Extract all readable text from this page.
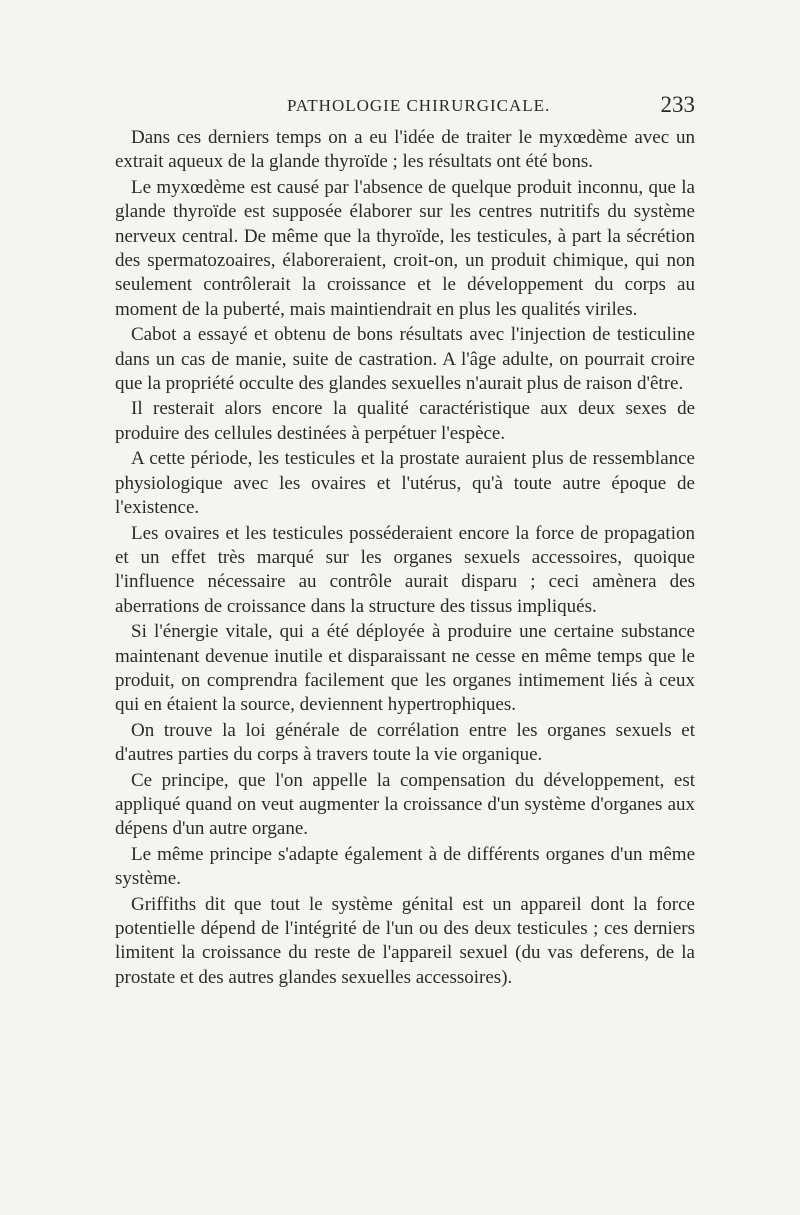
PATHOLOGIE CHIRURGICALE.	233

Dans ces derniers temps on a eu l'idée de traiter le myxœdème avec un extrait aqueux de la glande thyroïde ; les résultats ont été bons.

Le myxœdème est causé par l'absence de quelque produit inconnu, que la glande thyroïde est supposée élaborer sur les centres nutritifs du système nerveux central. De même que la thyroïde, les testicules, à part la sécrétion des spermatozoaires, élaboreraient, croit-on, un produit chimique, qui non seulement contrôlerait la croissance et le développement du corps au moment de la puberté, mais maintiendrait en plus les qualités viriles.

Cabot a essayé et obtenu de bons résultats avec l'injection de testiculine dans un cas de manie, suite de castration. A l'âge adulte, on pourrait croire que la propriété occulte des glandes sexuelles n'aurait plus de raison d'être.

Il resterait alors encore la qualité caractéristique aux deux sexes de produire des cellules destinées à perpétuer l'espèce.

A cette période, les testicules et la prostate auraient plus de ressemblance physiologique avec les ovaires et l'utérus, qu'à toute autre époque de l'existence.

Les ovaires et les testicules posséderaient encore la force de propagation et un effet très marqué sur les organes sexuels accessoires, quoique l'influence nécessaire au contrôle aurait disparu ; ceci amènera des aberrations de croissance dans la structure des tissus impliqués.

Si l'énergie vitale, qui a été déployée à produire une certaine substance maintenant devenue inutile et disparaissant ne cesse en même temps que le produit, on comprendra facilement que les organes intimement liés à ceux qui en étaient la source, deviennent hypertrophiques.

On trouve la loi générale de corrélation entre les organes sexuels et d'autres parties du corps à travers toute la vie organique.

Ce principe, que l'on appelle la compensation du développement, est appliqué quand on veut augmenter la croissance d'un système d'organes aux dépens d'un autre organe.

Le même principe s'adapte également à de différents organes d'un même système.

Griffiths dit que tout le système génital est un appareil dont la force potentielle dépend de l'intégrité de l'un ou des deux testicules ; ces derniers limitent la croissance du reste de l'appareil sexuel (du vas deferens, de la prostate et des autres glandes sexuelles accessoires).
